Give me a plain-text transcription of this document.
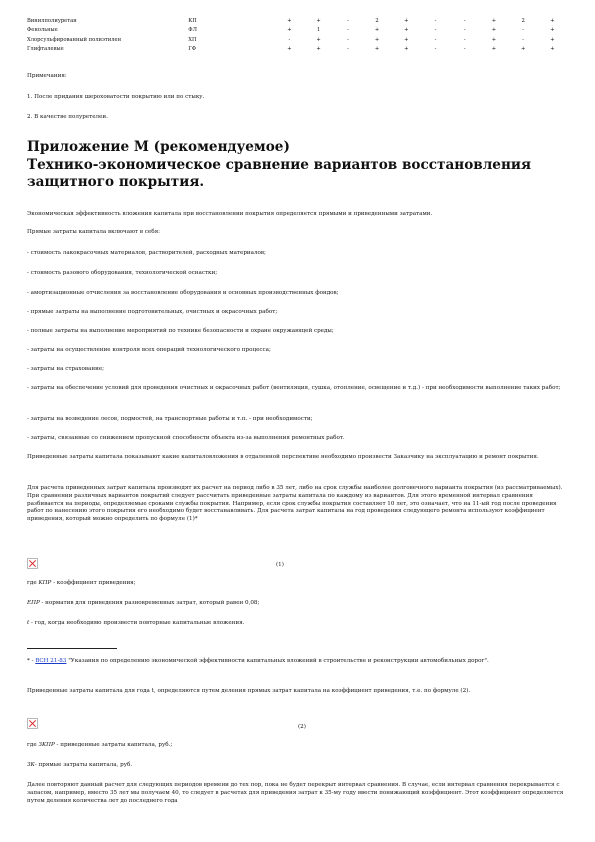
Винилполиуретан	КП	+	+	-	2	+	-	-	+	2	+
Фенольные	ФЛ	+	1	-	+	+	-	-	+	-	+
Хлорсульфированный полиэтилен	ХП	-	+	-	+	+	-	-	+	-	+
Глифталевые	ГФ	+	+	-	+	+	-	-	+	+	+

Примечания:

1. После придания шероховатости покрытию или по стыку.

2. В качестве полуретелеи.

Приложение М (рекомендуемое)
Технико-экономическое сравнение вариантов восстановления
защитного покрытия.

Экономическая эффективность вложения капитала при восстановлении покрытия определяется прямыми и приведенными затратами.

Прямые затраты капитала включают в себя:

- стоимость лакокрасочных материалов, растворителей, расходных материалов;

- стоимость разового оборудования, технологической оснастки;

- амортизационные отчисления за восстановление оборудования и основных производственных фондов;

- прямые затраты на выполнение подготовительных, очистных и окрасочных работ;

- полные затраты на выполнение мероприятий по технике безопасности и охране окружающей среды;

- затраты на осуществление контроля всех операций технологического процесса;

- затраты на страхование;

- затраты на обеспечение условий для проведения очистных и окрасочных работ (вентиляция, сушка, отопление, освещение и т.д.) - при необходимости выполнение таких работ;

- затраты на возведение лесов, подмостей, на транспортные работы и т.п. - при необходимости;

- затраты, связанные со снижением пропускной способности объекта из-за выполнения ремонтных работ.

Приведенные затраты капитала показывают какие капиталовложения в отдаленной перспективе необходимо произвести Заказчику на эксплуатацию и ремонт покрытия.

Для расчета приведенных затрат капитала производят их расчет на период либо в 35 лет, либо на срок службы наиболее долговечного варианта покрытия (из рассматриваемых). При сравнении различных вариантов покрытий следует рассчитать приведенные затраты капитала по каждому из вариантов. Для этого временной интервал сравнения разбивается на периоды, определяемые сроками службы покрытия. Например, если срок службы покрытия составляет 10 лет, это означает, что на 11-ый год после проведения работ по нанесению этого покрытия его необходимо будет восстанавливать. Для расчета затрат капитала на год проведения следующего ремонта используют коэффициент приведения, который можно определить по формуле (1)*

(1)

где KПР - коэффициент приведения;

EПР - норматив для приведения разновременных затрат, который равен 0,08;

t - год, когда необходимо произвести повторные капитальные вложения.

* - ВСН 21-83 "Указания по определению экономической эффективности капитальных вложений в строительстве и реконструкции автомобильных дорог".

Приведенные затраты капитала для года t, определяются путем деления прямых затрат капитала на коэффициент приведения, т.е. по формуле (2).

(2)

где ЗKПР - приведенные затраты капитала, руб.;

ЗК- прямые затраты капитала, руб.

Далее повторяют данный расчет для следующих периодов времени до тех пор, пока не будет перекрыт интервал сравнения. В случае, если интервал сравнения перекрывается с запасом, например, вместо 35 лет мы получаем 40, то следует в расчетах для приведения затрат к 35-му году ввести понижающий коэффициент. Этот коэффициент определяется путем деления количества лет до последнего года
